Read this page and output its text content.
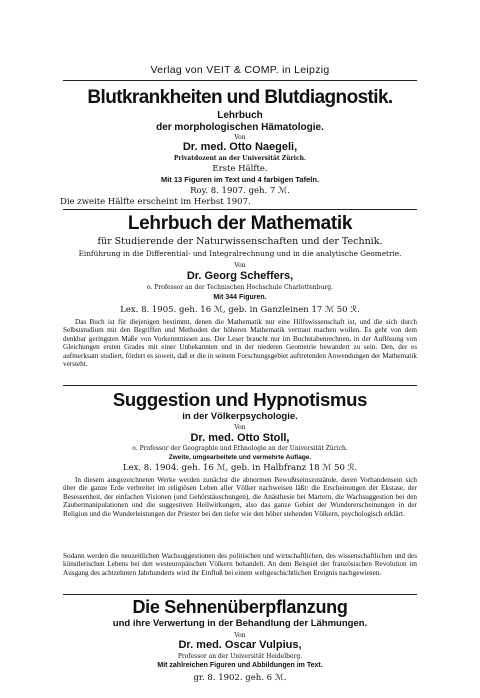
Verlag von VEIT & COMP. in Leipzig
Blutkrankheiten und Blutdiagnostik.
Lehrbuch
der morphologischen Hämatologie.
Von
Dr. med. Otto Naegeli,
Privatdozent an der Universität Zürich.
Erste Hälfte.
Mit 13 Figuren im Text und 4 farbigen Tafeln.
Roy. 8. 1907. geh. 7 ℳ.
Die zweite Hälfte erscheint im Herbst 1907.
Lehrbuch der Mathematik
für Studierende der Naturwissenschaften und der Technik.
Einführung in die Differential- und Integralrechnung und in die analytische Geometrie.
Von
Dr. Georg Scheffers,
o. Professor an der Technischen Hochschule Charlottenburg.
Mit 344 Figuren.
Lex. 8. 1905. geh. 16 ℳ, geb. in Ganzleinen 17 ℳ 50 ℛ.
Das Buch ist für diejenigen bestimmt, denen die Mathematik nur eine Hilfswissenschaft ist, und die sich durch Selbststudium mit den Begriffen und Methoden der höheren Mathematik vertraut machen wollen. Es geht von dem denkbar geringsten Maße von Vorkenntnissen aus. Der Leser braucht nur im Buchstabenrechnen, in der Auflösung von Gleichungen ersten Grades mit einer Unbekannten und in der niederen Geometrie bewandert zu sein. Den, der es aufmerksam studiert, fördert es soweit, daß er die in seinem Forschungsgebiet auftretenden Anwendungen der Mathematik versteht.
Suggestion und Hypnotismus
in der Völkerpsychologie.
Von
Dr. med. Otto Stoll,
o. Professor der Geographie und Ethnologie an der Universität Zürich.
Zweite, umgearbeitete und vermehrte Auflage.
Lex. 8. 1904. geh. 16 ℳ, geb. in Halbfranz 18 ℳ 50 ℛ.
In diesem ausgezeichneten Werke werden zunächst die abnormen Bewußtseinszustände, deren Vorhandensein sich über die ganze Erde verbreitet im religiösen Leben aller Völker nachweisen läßt: die Erscheinungen der Ekstase, der Besessenheit, der einfachen Visionen (und Gehörstäuschungen), die Anästhesie bei Martern, die Wachsuggestion bei den Zaubermanipulationen und die suggestiven Heilwirkungen, also das ganze Gebiet der Wundererscheinungen in der Religion und die Wunderleistungen der Priester bei den tiefer wie den höher stehenden Völkern, psychologisch erklärt.
Sodann werden die neuzeitlichen Wachsuggestionen des politischen und wirtschaftlichen, des wissenschaftlichen und des künstlerischen Lebens bei den westeuropäischen Völkern behandelt. An dem Beispiel der französischen Revolution im Ausgang des achtzehnten Jahrhunderts wird ihr Einfluß bei einem weltgeschichtlichen Ereignis nachgewiesen.
Die Sehnenüberpflanzung
und ihre Verwertung in der Behandlung der Lähmungen.
Von
Dr. med. Oscar Vulpius,
Professor an der Universität Heidelberg.
Mit zahlreichen Figuren und Abbildungen im Text.
gr. 8. 1902. geh. 6 ℳ.
